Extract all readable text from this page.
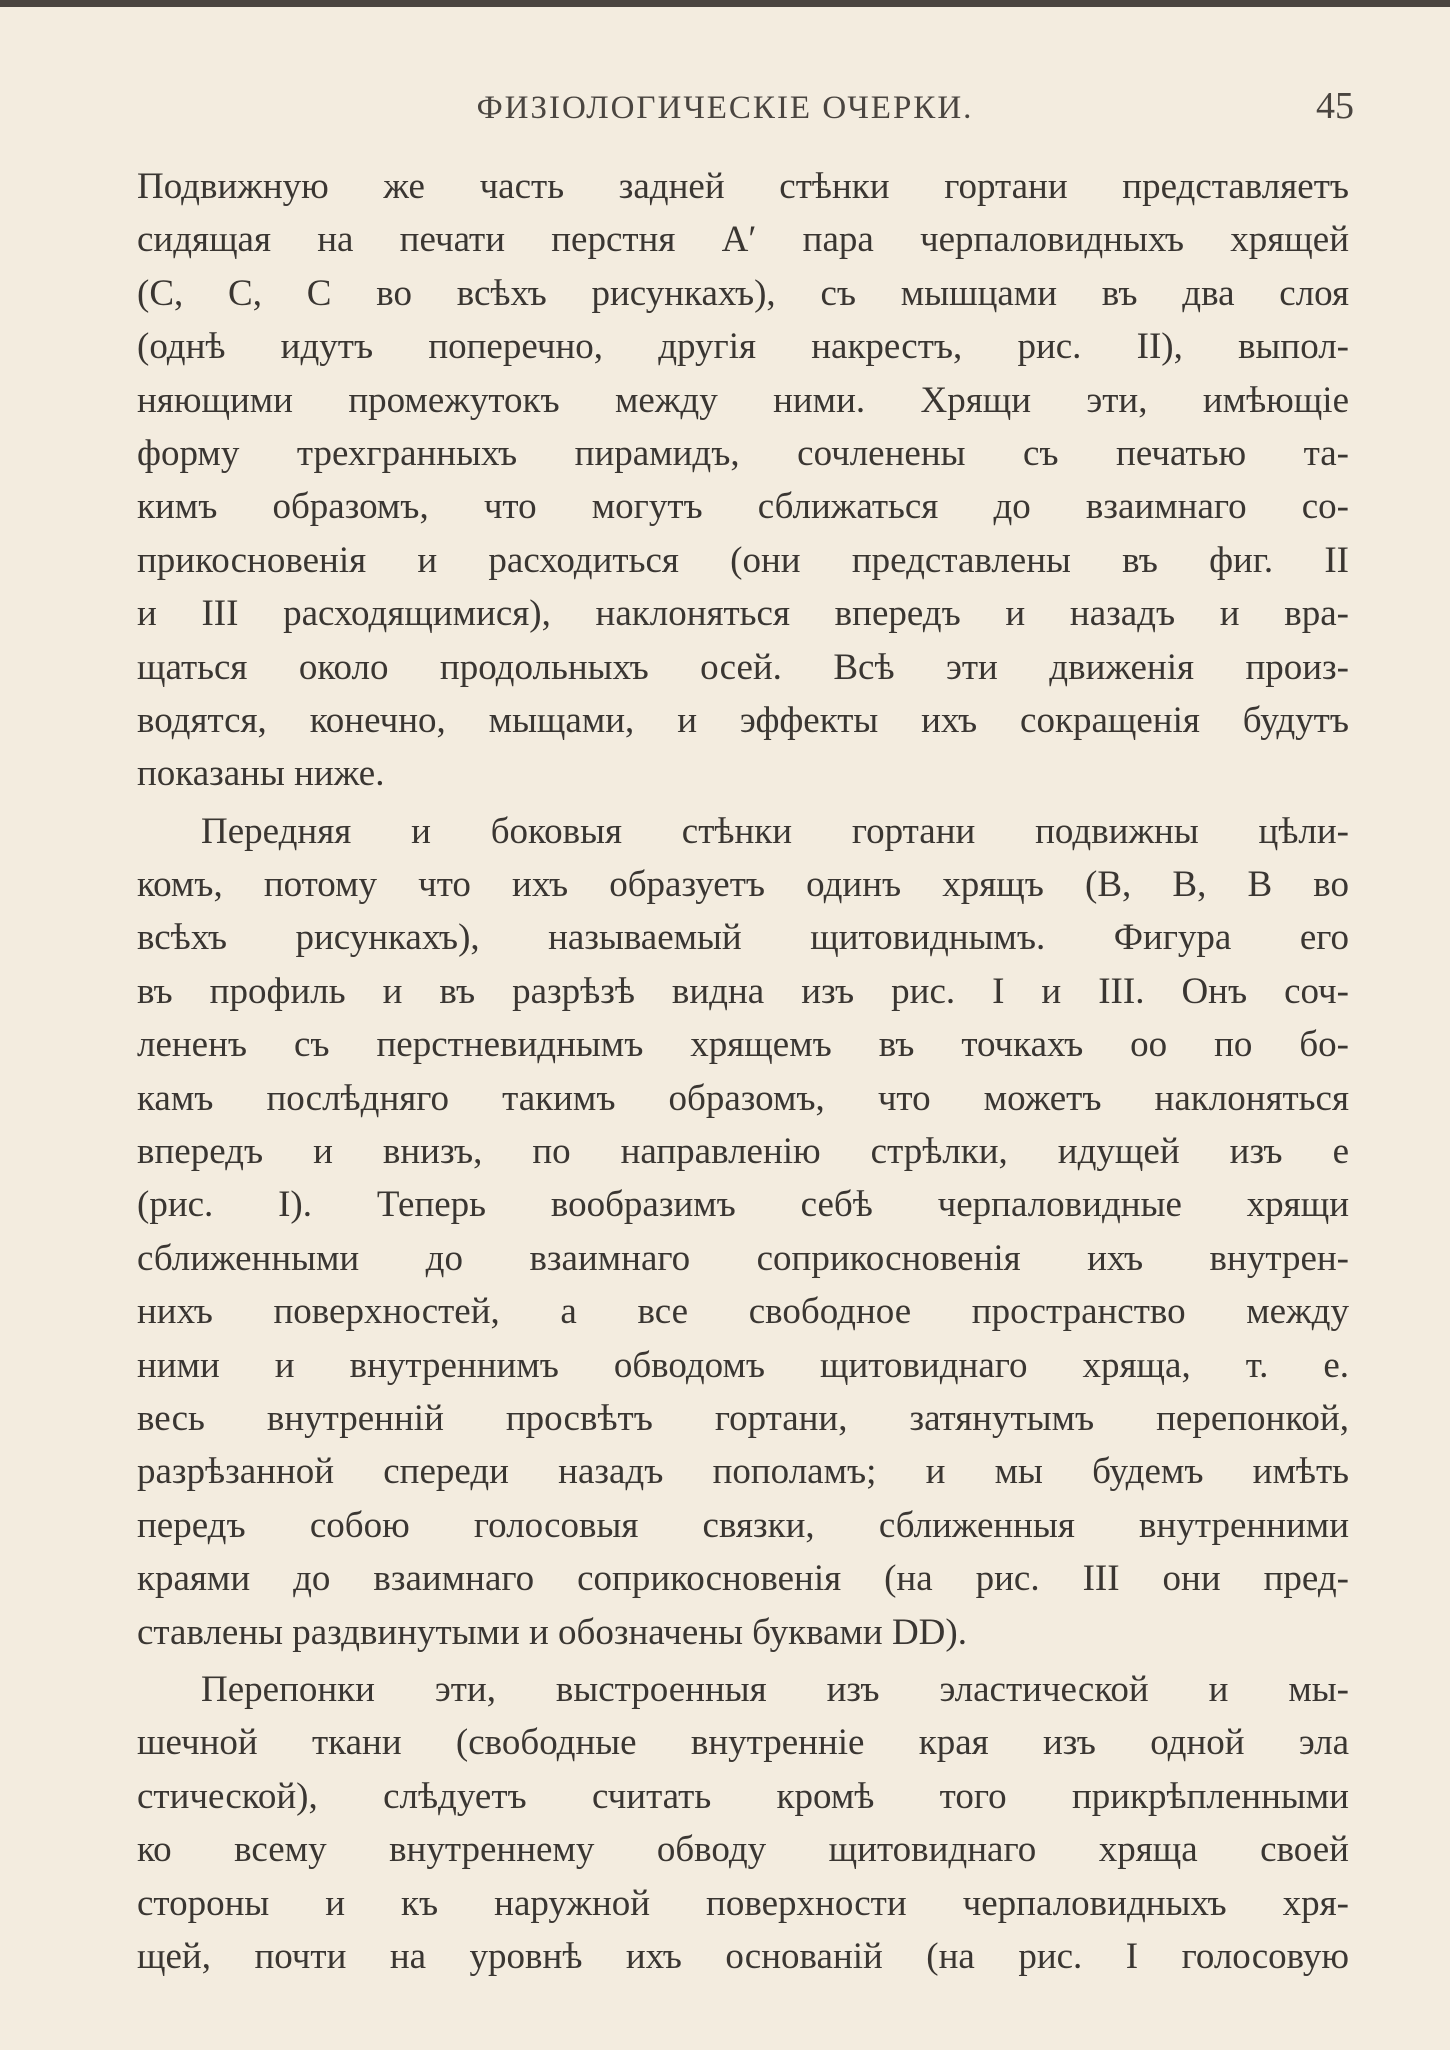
ФИЗІОЛОГИЧЕСКІЕ ОЧЕРКИ.	45
Подвижную же часть задней стѣнки гортани представляетъ
сидящая на печати перстня A′ пара черпаловидныхъ хрящей
(C, C, C во всѣхъ рисункахъ), съ мышцами въ два слоя
(однѣ идутъ поперечно, другія накрестъ, рис. II), выпол-
няющими промежутокъ между ними. Хрящи эти, имѣющіе
форму трехгранныхъ пирамидъ, сочленены съ печатью та-
кимъ образомъ, что могутъ сближаться до взаимнаго со-
прикосновенія и расходиться (они представлены въ фиг. II
и III расходящимися), наклоняться впередъ и назадъ и вра-
щаться около продольныхъ осей. Всѣ эти движенія произ-
водятся, конечно, мыщами, и эффекты ихъ сокращенія будутъ
показаны ниже.
Передняя и боковыя стѣнки гортани подвижны цѣли-
комъ, потому что ихъ образуетъ одинъ хрящъ (B, B, B во
всѣхъ рисункахъ), называемый щитовиднымъ. Фигура его
въ профиль и въ разрѣзѣ видна изъ рис. I и III. Онъ соч-
лененъ съ перстневиднымъ хрящемъ въ точкахъ oo по бо-
камъ послѣдняго такимъ образомъ, что можетъ наклоняться
впередъ и внизъ, по направленію стрѣлки, идущей изъ e
(рис. I). Теперь вообразимъ себѣ черпаловидные хрящи
сближенными до взаимнаго соприкосновенія ихъ внутрен-
нихъ поверхностей, а все свободное пространство между
ними и внутреннимъ обводомъ щитовиднаго хряща, т. е.
весь внутренній просвѣтъ гортани, затянутымъ перепонкой,
разрѣзанной спереди назадъ пополамъ; и мы будемъ имѣть
передъ собою голосовыя связки, сближенныя внутренними
краями до взаимнаго соприкосновенія (на рис. III они пред-
ставлены раздвинутыми и обозначены буквами DD).
Перепонки эти, выстроенныя изъ эластической и мы-
шечной ткани (свободные внутренніе края изъ одной эла
стической), слѣдуетъ считать кромѣ того прикрѣпленными
ко всему внутреннему обводу щитовиднаго хряща своей
стороны и къ наружной поверхности черпаловидныхъ хря-
щей, почти на уровнѣ ихъ основаній (на рис. I голосовую
